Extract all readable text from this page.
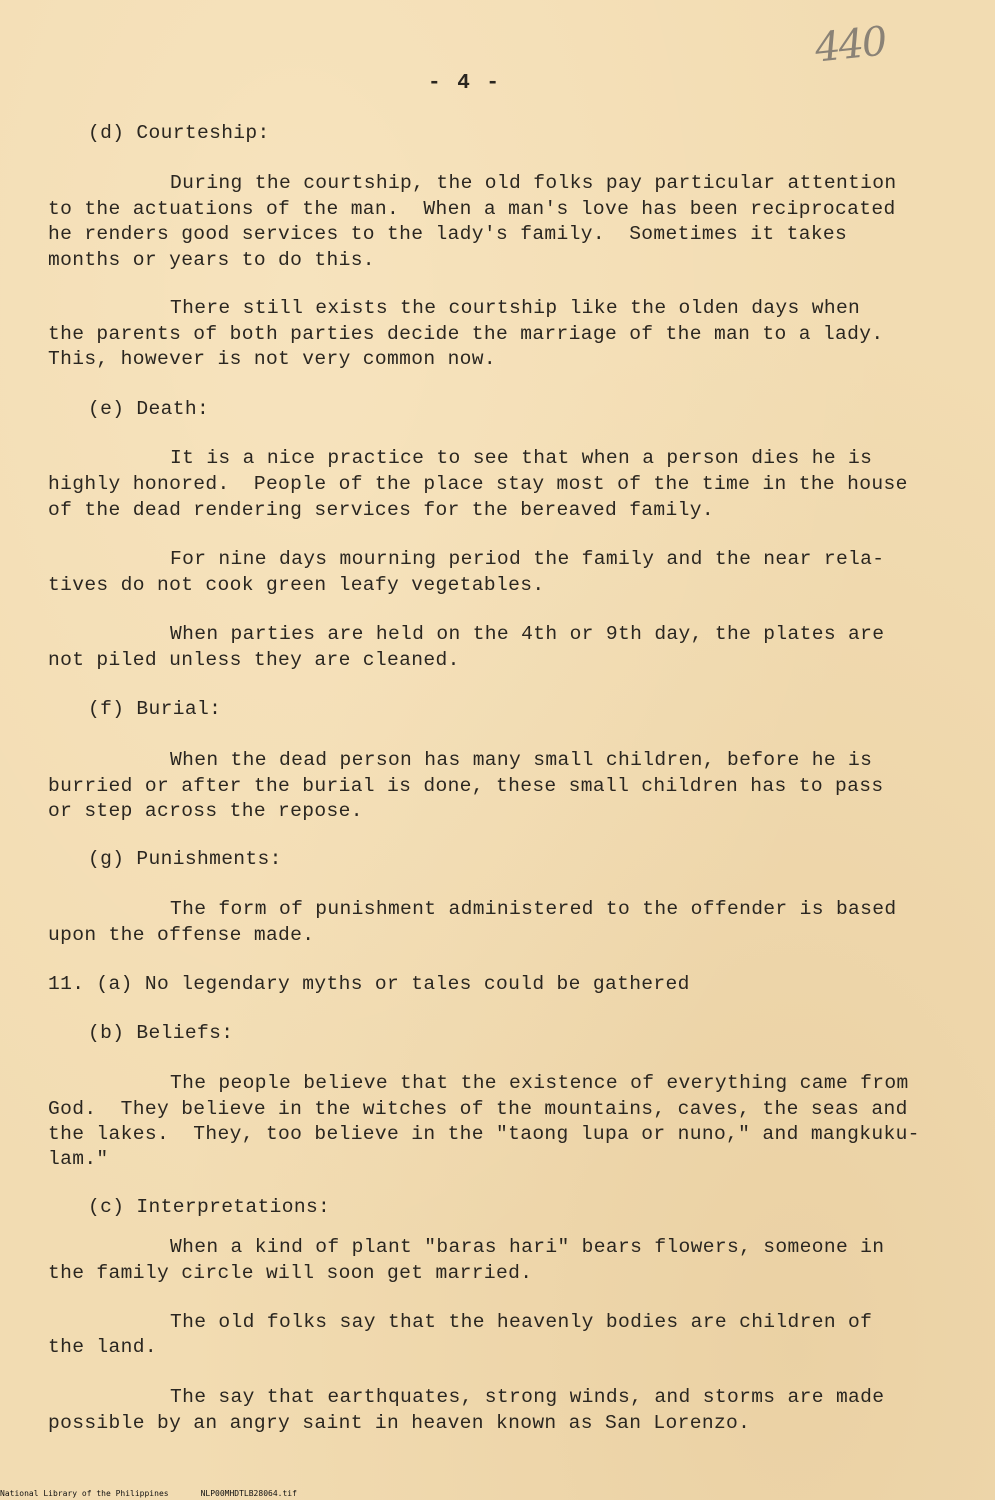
440
- 4 -
(d) Courteship:
During the courtship, the old folks pay particular attention
to the actuations of the man.  When a man's love has been reciprocated
he renders good services to the lady's family.  Sometimes it takes
months or years to do this.
There still exists the courtship like the olden days when
the parents of both parties decide the marriage of the man to a lady.
This, however is not very common now.
(e) Death:
It is a nice practice to see that when a person dies he is
highly honored.  People of the place stay most of the time in the house
of the dead rendering services for the bereaved family.
For nine days mourning period the family and the near rela-
tives do not cook green leafy vegetables.
When parties are held on the 4th or 9th day, the plates are
not piled unless they are cleaned.
(f) Burial:
When the dead person has many small children, before he is
burried or after the burial is done, these small children has to pass
or step across the repose.
(g) Punishments:
The form of punishment administered to the offender is based
upon the offense made.
11. (a) No legendary myths or tales could be gathered
(b) Beliefs:
The people believe that the existence of everything came from
God.  They believe in the witches of the mountains, caves, the seas and
the lakes.  They, too believe in the "taong lupa or nuno," and mangkuku-
lam."
(c) Interpretations:
When a kind of plant "baras hari" bears flowers, someone in
the family circle will soon get married.
The old folks say that the heavenly bodies are children of
the land.
The say that earthquates, strong winds, and storms are made
possible by an angry saint in heaven known as San Lorenzo.
National Library of the Philippines	NLP00MHDTLB28064.tif
